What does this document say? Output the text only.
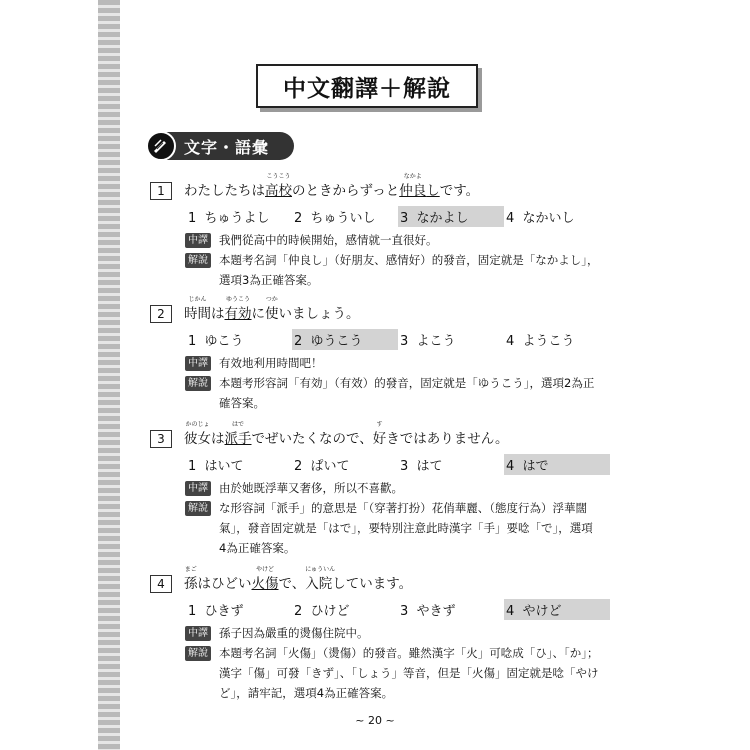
中文翻譯＋解說
文字・語彙
1	わたしたちは
こうこう
高校のときからずっと
なかよ
仲良しです。
1  ちゅうよし	2  ちゅういし	3  なかよし	4  なかいし
中譯 我們從高中的時候開始，感情就一直很好。
解說 本題考名詞「仲良し」（好朋友、感情好）的發音，固定就是「なかよし」，選項3為正確答案。
2
じかん
時間は
ゆうこう
有効に
つか
使いましょう。
1  ゆこう	2  ゆうこう	3  よこう	4  ようこう
中譯 有效地利用時間吧！
解說 本題考形容詞「有効」（有效）的發音，固定就是「ゆうこう」，選項2為正確答案。
3
かのじょ
彼女は
はで
派手でぜいたくなので、
す
好きではありません。
1  はいて	2  ぱいて	3  はて	4  はで
中譯 由於她既浮華又奢侈，所以不喜歡。
解說 な形容詞「派手」的意思是「（穿著打扮）花俏華麗、（態度行為）浮華闊氣」，發音固定就是「はで」，要特別注意此時漢字「手」要唸「で」，選項4為正確答案。
4
まご
孫はひどい
やけど
火傷で、
にゅういん
入院しています。
1  ひきず	2  ひけど	3  やきず	4  やけど
中譯 孫子因為嚴重的燙傷住院中。
解說 本題考名詞「火傷」（燙傷）的發音。雖然漢字「火」可唸成「ひ」、「か」；漢字「傷」可發「きず」、「しょう」等音，但是「火傷」固定就是唸「やけど」，請牢記，選項4為正確答案。
~ 20 ~
